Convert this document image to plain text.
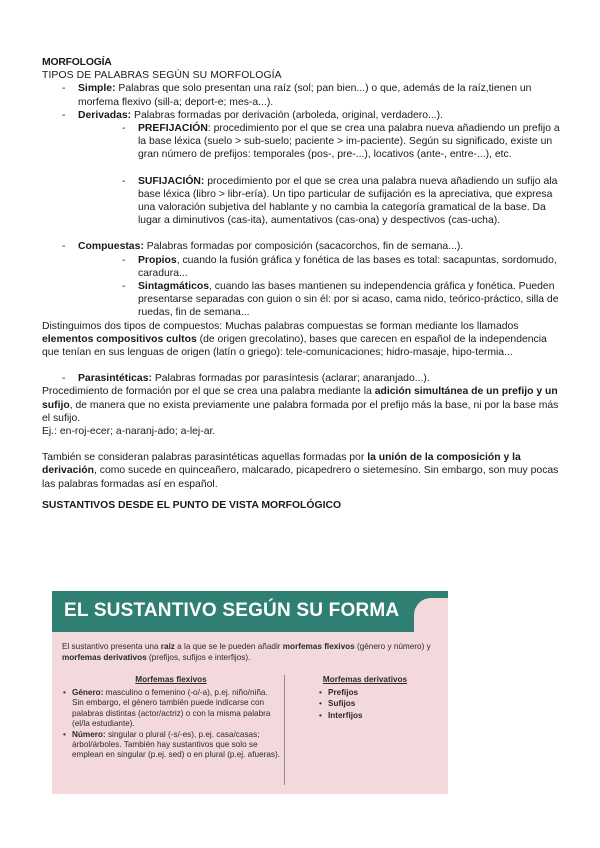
MORFOLOGÍA
TIPOS DE PALABRAS SEGÚN SU MORFOLOGÍA
- Simple: Palabras que solo presentan una raíz (sol; pan bien...) o que, además de la raíz,tienen un morfema flexivo (sill-a; deport-e; mes-a...).
- Derivadas: Palabras formadas por derivación (arboleda, original, verdadero...).
- PREFIJACIÓN: procedimiento por el que se crea una palabra nueva añadiendo un prefijo a la base léxica (suelo > sub-suelo; paciente > im-paciente). Según su significado, existe un gran número de prefijos: temporales (pos-, pre-...), locativos (ante-, entre-...), etc.
- SUFIJACIÓN: procedimiento por el que se crea una palabra nueva añadiendo un sufijo ala base léxica (libro > libr-ería). Un tipo particular de sufijación es la apreciativa, que expresa una valoración subjetiva del hablante y no cambia la categoría gramatical de la base. Da lugar a diminutivos (cas-ita), aumentativos (cas-ona) y despectivos (cas-ucha).
- Compuestas: Palabras formadas por composición (sacacorchos, fin de semana...).
- Propios, cuando la fusión gráfica y fonética de las bases es total: sacapuntas, sordomudo, caradura...
- Sintagmáticos, cuando las bases mantienen su independencia gráfica y fonética. Pueden presentarse separadas con guion o sin él: por si acaso, cama nido, teórico-práctico, silla de ruedas, fin de semana...
Distinguimos dos tipos de compuestos: Muchas palabras compuestas se forman mediante los llamados elementos compositivos cultos (de origen grecolatino), bases que carecen en español de la independencia que tenían en sus lenguas de origen (latín o griego): tele-comunicaciones; hidro-masaje, hipo-termia...
- Parasintéticas: Palabras formadas por parasíntesis (aclarar; anaranjado...).
Procedimiento de formación por el que se crea una palabra mediante la adición simultánea de un prefijo y un sufijo, de manera que no exista previamente une palabra formada por el prefijo más la base, ni por la base más el sufijo.
Ej.: en-roj-ecer; a-naranj-ado; a-lej-ar.
También se consideran palabras parasintéticas aquellas formadas por la unión de la composición y la derivación, como sucede en quinceañero, malcarado, picapedrero o sietemesino. Sin embargo, son muy pocas las palabras formadas así en español.
SUSTANTIVOS DESDE EL PUNTO DE VISTA MORFOLÓGICO
EL SUSTANTIVO SEGÚN SU FORMA
El sustantivo presenta una raíz a la que se le pueden añadir morfemas flexivos (género y número) y morfemas derivativos (prefijos, sufijos e interfijos).
Morfemas flexivos
• Género: masculino o femenino (-o/-a), p.ej. niño/niña. Sin embargo, el género también puede indicarse con palabras distintas (actor/actriz) o con la misma palabra (el/la estudiante).
• Número: singular o plural (-s/-es), p.ej. casa/casas; árbol/árboles. También hay sustantivos que solo se emplean en singular (p.ej. sed) o en plural (p.ej. afueras).
Morfemas derivativos
• Prefijos
• Sufijos
• Interfijos
